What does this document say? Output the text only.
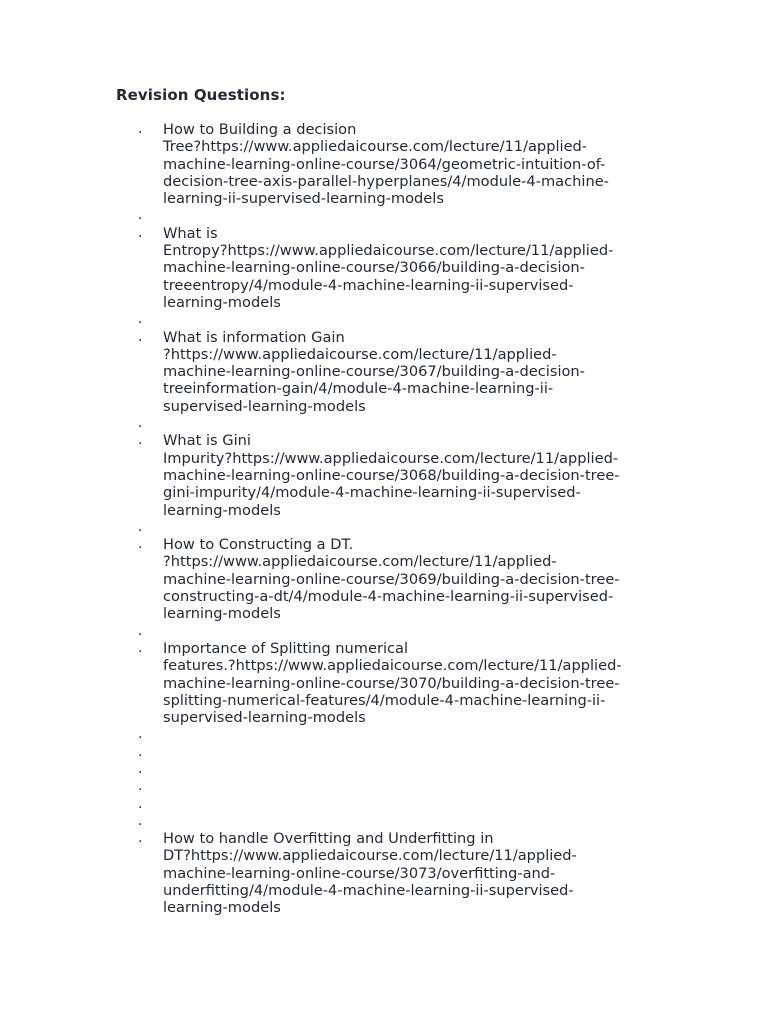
Revision Questions:
. How to Building a decision
Tree?https://www.appliedaicourse.com/lecture/11/applied-
machine-learning-online-course/3064/geometric-intuition-of-
decision-tree-axis-parallel-hyperplanes/4/module-4-machine-
learning-ii-supervised-learning-models
.
. What is
Entropy?https://www.appliedaicourse.com/lecture/11/applied-
machine-learning-online-course/3066/building-a-decision-
treeentropy/4/module-4-machine-learning-ii-supervised-
learning-models
.
. What is information Gain
?https://www.appliedaicourse.com/lecture/11/applied-
machine-learning-online-course/3067/building-a-decision-
treeinformation-gain/4/module-4-machine-learning-ii-
supervised-learning-models
.
. What is Gini
Impurity?https://www.appliedaicourse.com/lecture/11/applied-
machine-learning-online-course/3068/building-a-decision-tree-
gini-impurity/4/module-4-machine-learning-ii-supervised-
learning-models
.
. How to Constructing a DT.
?https://www.appliedaicourse.com/lecture/11/applied-
machine-learning-online-course/3069/building-a-decision-tree-
constructing-a-dt/4/module-4-machine-learning-ii-supervised-
learning-models
.
. Importance of Splitting numerical
features.?https://www.appliedaicourse.com/lecture/11/applied-
machine-learning-online-course/3070/building-a-decision-tree-
splitting-numerical-features/4/module-4-machine-learning-ii-
supervised-learning-models
.
.
.
.
.
.
. How to handle Overfitting and Underfitting in
DT?https://www.appliedaicourse.com/lecture/11/applied-
machine-learning-online-course/3073/overfitting-and-
underfitting/4/module-4-machine-learning-ii-supervised-
learning-models
